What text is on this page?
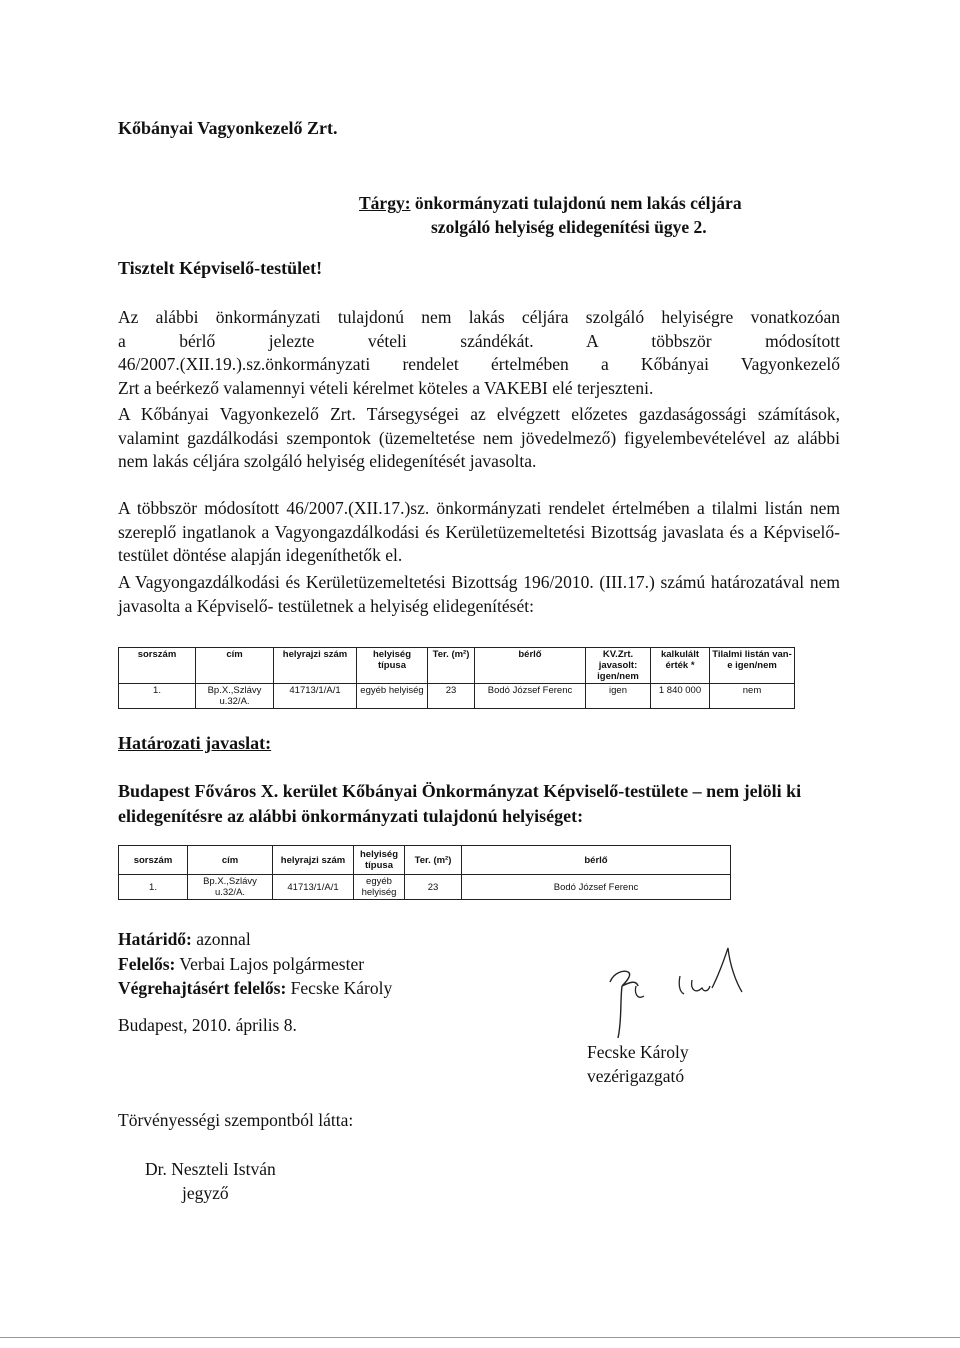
Kőbányai Vagyonkezelő Zrt.
Tárgy: önkormányzati tulajdonú nem lakás céljára
szolgáló helyiség elidegenítési ügye 2.
Tisztelt Képviselő-testület!

Az alábbi önkormányzati tulajdonú nem lakás céljára szolgáló helyiségre vonatkozóan

a bérlő jelezte vételi szándékát. A többször módosított

46/2007.(XII.19.).sz.önkormányzati rendelet értelmében a Kőbányai Vagyonkezelő

Zrt a beérkező valamennyi vételi kérelmet köteles a VAKEBI elé terjeszteni.

A Kőbányai Vagyonkezelő Zrt. Társegységei az elvégzett előzetes gazdaságossági számítások, valamint gazdálkodási szempontok (üzemeltetése nem jövedelmező) figyelembevételével az alábbi nem lakás céljára szolgáló helyiség elidegenítését javasolta.

A többször módosított 46/2007.(XII.17.)sz. önkormányzati rendelet értelmében a tilalmi listán nem szereplő ingatlanok a Vagyongazdálkodási és Kerületüzemeltetési Bizottság javaslata és a Képviselő-testület döntése alapján idegeníthetők el.

A Vagyongazdálkodási és Kerületüzemeltetési Bizottság 196/2010. (III.17.) számú határozatával nem javasolta a Képviselő- testületnek a helyiség elidegenítését:

sorszám	cím	helyrajzi szám	helyiség típusa	Ter. (m²)	bérlő	KV.Zrt. javasolt: igen/nem	kalkulált érték *	Tilalmi listán van-e igen/nem
1.	Bp.X.,Szlávy u.32/A.	41713/1/A/1	egyéb helyiség	23	Bodó József Ferenc	igen	1 840 000	nem
Határozati javaslat:
Budapest Főváros X. kerület Kőbányai Önkormányzat Képviselő-testülete – nem jelöli ki elidegenítésre az alábbi önkormányzati tulajdonú helyiséget:
sorszám	cím	helyrajzi szám	helyiség típusa	Ter. (m²)	bérlő
1.	Bp.X.,Szlávy u.32/A.	41713/1/A/1	egyéb helyiség	23	Bodó József Ferenc
Határidő: azonnal
Felelős: Verbai Lajos polgármester
Végrehajtásért felelős: Fecske Károly
Budapest, 2010. április 8.
Fecske Károly
vezérigazgató
Törvényességi szempontból látta:
Dr. Neszteli István
jegyző
